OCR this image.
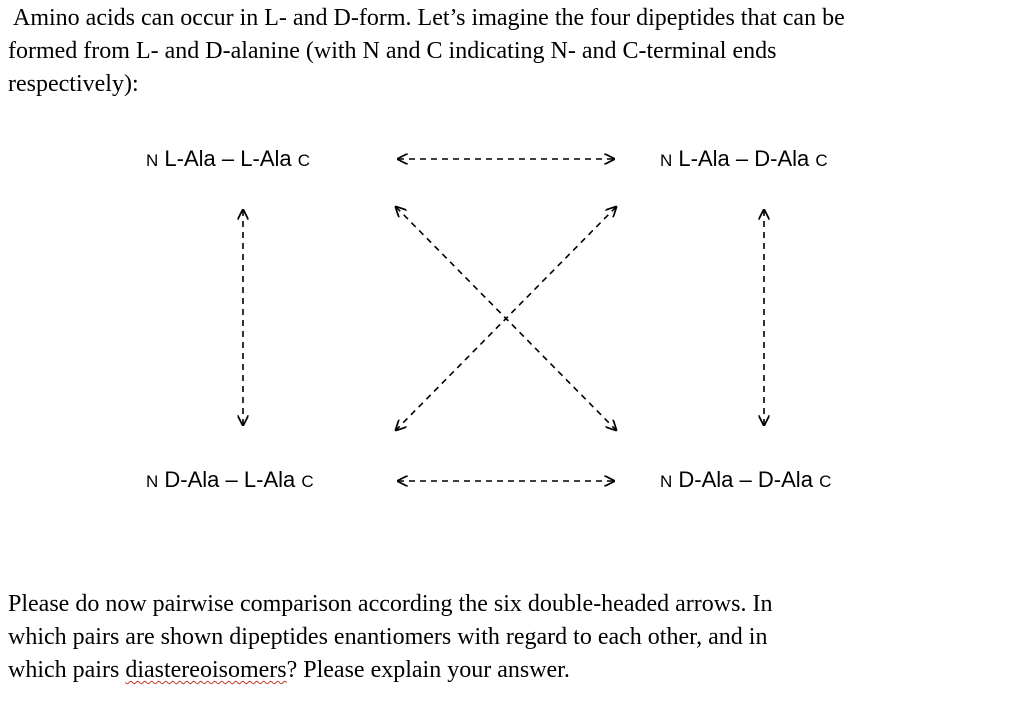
Amino acids can occur in L- and D-form. Let’s imagine the four dipeptides that can be
formed from L- and D-alanine (with N and C indicating N- and C-terminal ends
respectively):
N L-Ala – L-Ala C	N L-Ala – D-Ala C
N D-Ala – L-Ala C	N D-Ala – D-Ala C
Please do now pairwise comparison according the six double-headed arrows. In
which pairs are shown dipeptides enantiomers with regard to each other, and in
which pairs diastereoisomers? Please explain your answer.
